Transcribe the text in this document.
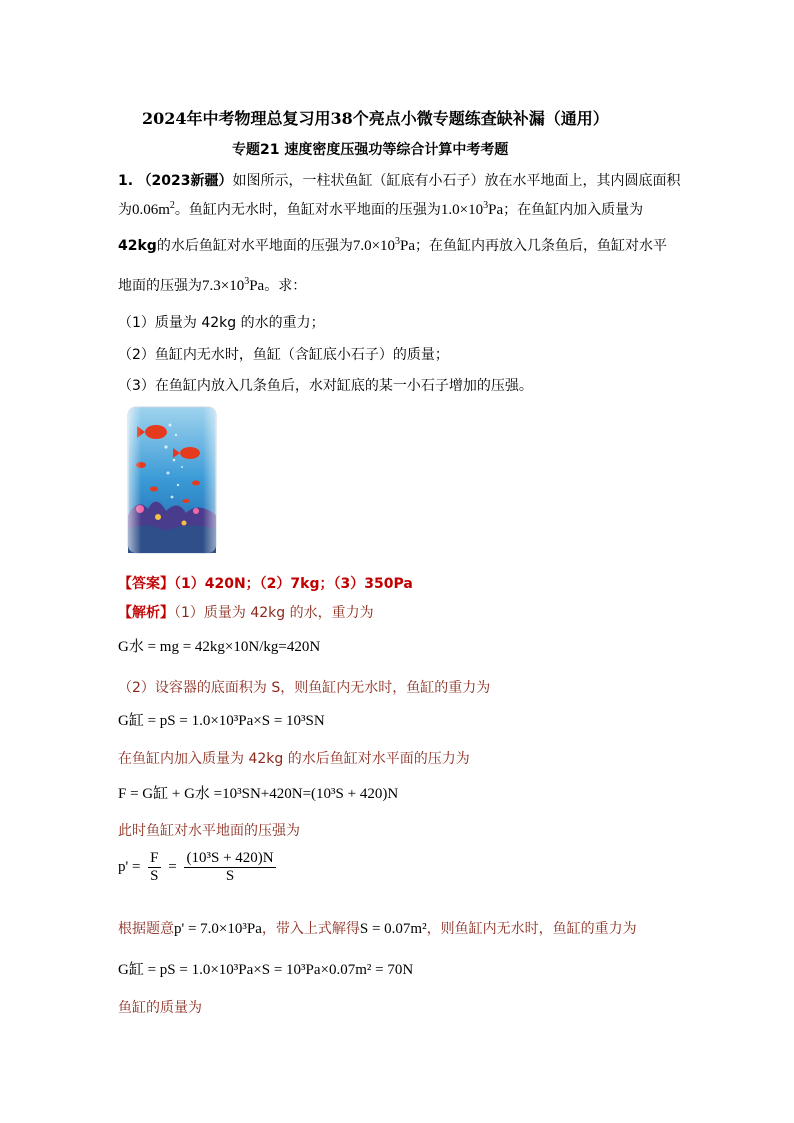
2024年中考物理总复习用38个亮点小微专题练查缺补漏（通用）
专题21 速度密度压强功等综合计算中考考题
1. （2023新疆）如图所示，一柱状鱼缸（缸底有小石子）放在水平地面上，其内圆底面积
为$0.06m^2$。鱼缸内无水时，鱼缸对水平地面的压强为$1.0\times 10^3Pa$；在鱼缸内加入质量为
42kg的水后鱼缸对水平地面的压强为$7.0\times 10^3Pa$；在鱼缸内再放入几条鱼后，鱼缸对水平
地面的压强为$7.3\times 10^3Pa$。求：
（1）质量为 42kg 的水的重力；
（2）鱼缸内无水时，鱼缸（含缸底小石子）的质量；
（3）在鱼缸内放入几条鱼后，水对缸底的某一小石子增加的压强。
【答案】（1）420N；（2）7kg；（3）350Pa
【解析】（1）质量为 42kg 的水，重力为
G水 = mg = 42kg×10N/kg=420N
（2）设容器的底面积为 S，则鱼缸内无水时，鱼缸的重力为
G缸 = pS = 1.0×10³Pa×S = 10³SN
在鱼缸内加入质量为 42kg 的水后鱼缸对水平面的压力为
F = G缸 + G水 =10³SN+420N=(10³S + 420)N
此时鱼缸对水平地面的压强为
$p' = \frac{F}{S} = \frac{\text{(10³S + 420)N}}{S}$
根据题意p' = 7.0×10³Pa，带入上式解得S = 0.07m²，则鱼缸内无水时，鱼缸的重力为
G缸 = pS = 1.0×10³Pa×S = 10³Pa×0.07m² = 70N
鱼缸的质量为
